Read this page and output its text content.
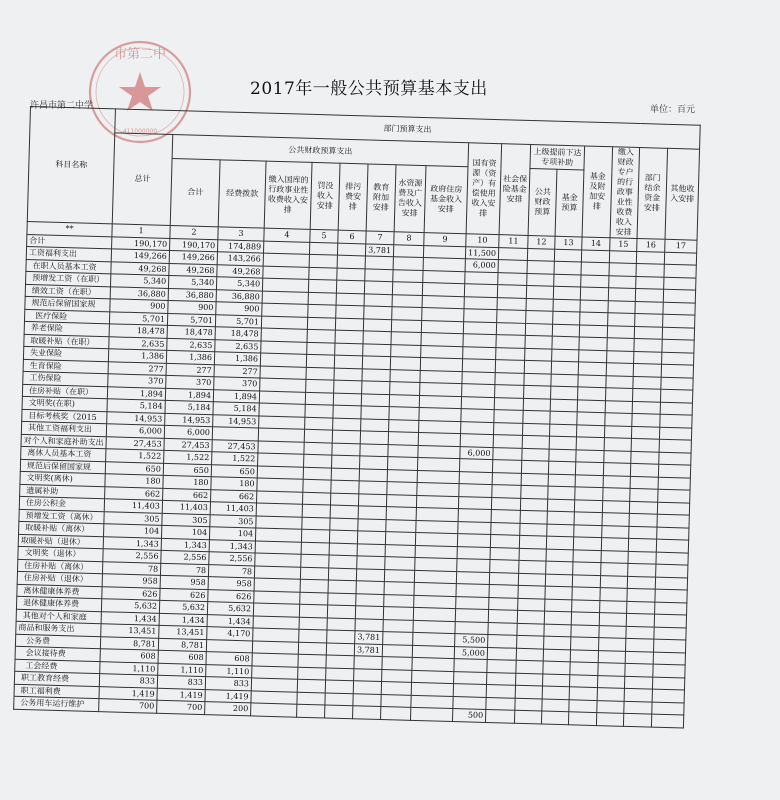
市第二中
411000000
2017年一般公共预算基本支出
许昌市第二中学	单位：百元
科目名称	部门预算支出																
	总计	公共财政预算支出								国有资源（资产）有偿使用收入安排	社会保险基金安排	上级提前下达专项补助		基金及附加安排	缴入财政专户的行政事业性收费收入安排	部门结余资金安排	其他收入安排
		合计	经费拨款	缴入国库的行政事业性收费收入安排	罚没收入安排	排污费安排	教育附加安排	水资源费及广告收入安排	政府住房基金收入安排			公共财政预算	基金预算				
**	1	2	3	4	5	6	7	8	9	10	11	12	13	14	15	16	17
合计	190,170	190,170	174,889				3,781			11,500							
工资福利支出	149,266	149,266	143,266							6,000							
在职人员基本工资	49,268	49,268	49,268														
预增发工资（在职）	5,340	5,340	5,340														
绩效工资（在职）	36,880	36,880	36,880														
规范后保留国家规	900	900	900														
医疗保险	5,701	5,701	5,701														
养老保险	18,478	18,478	18,478														
取暖补贴（在职）	2,635	2,635	2,635														
失业保险	1,386	1,386	1,386														
生育保险	277	277	277														
工伤保险	370	370	370														
住房补贴（在职）	1,894	1,894	1,894														
文明奖(在职)	5,184	5,184	5,184														
目标考核奖（2015	14,953	14,953	14,953														
其他工资福利支出	6,000	6,000															
对个人和家庭补助支出	27,453	27,453	27,453							6,000							
离休人员基本工资	1,522	1,522	1,522														
规范后保留国家规	650	650	650														
文明奖(离休)	180	180	180														
遗属补助	662	662	662														
住房公积金	11,403	11,403	11,403														
预增发工资（离休）	305	305	305														
取暖补贴（离休）	104	104	104														
取暖补贴（退休）	1,343	1,343	1,343														
文明奖（退休）	2,556	2,556	2,556														
住房补贴（离休）	78	78	78														
住房补贴（退休）	958	958	958														
离休健康体养费	626	626	626														
退休健康体养费	5,632	5,632	5,632														
其他对个人和家庭	1,434	1,434	1,434														
商品和服务支出	13,451	13,451	4,170				3,781			5,500							
公务费	8,781	8,781					3,781			5,000							
会议接待费	608	608	608														
工会经费	1,110	1,110	1,110														
职工教育经费	833	833	833														
职工福利费	1,419	1,419	1,419														
公务用车运行维护	700	700	200							500							
